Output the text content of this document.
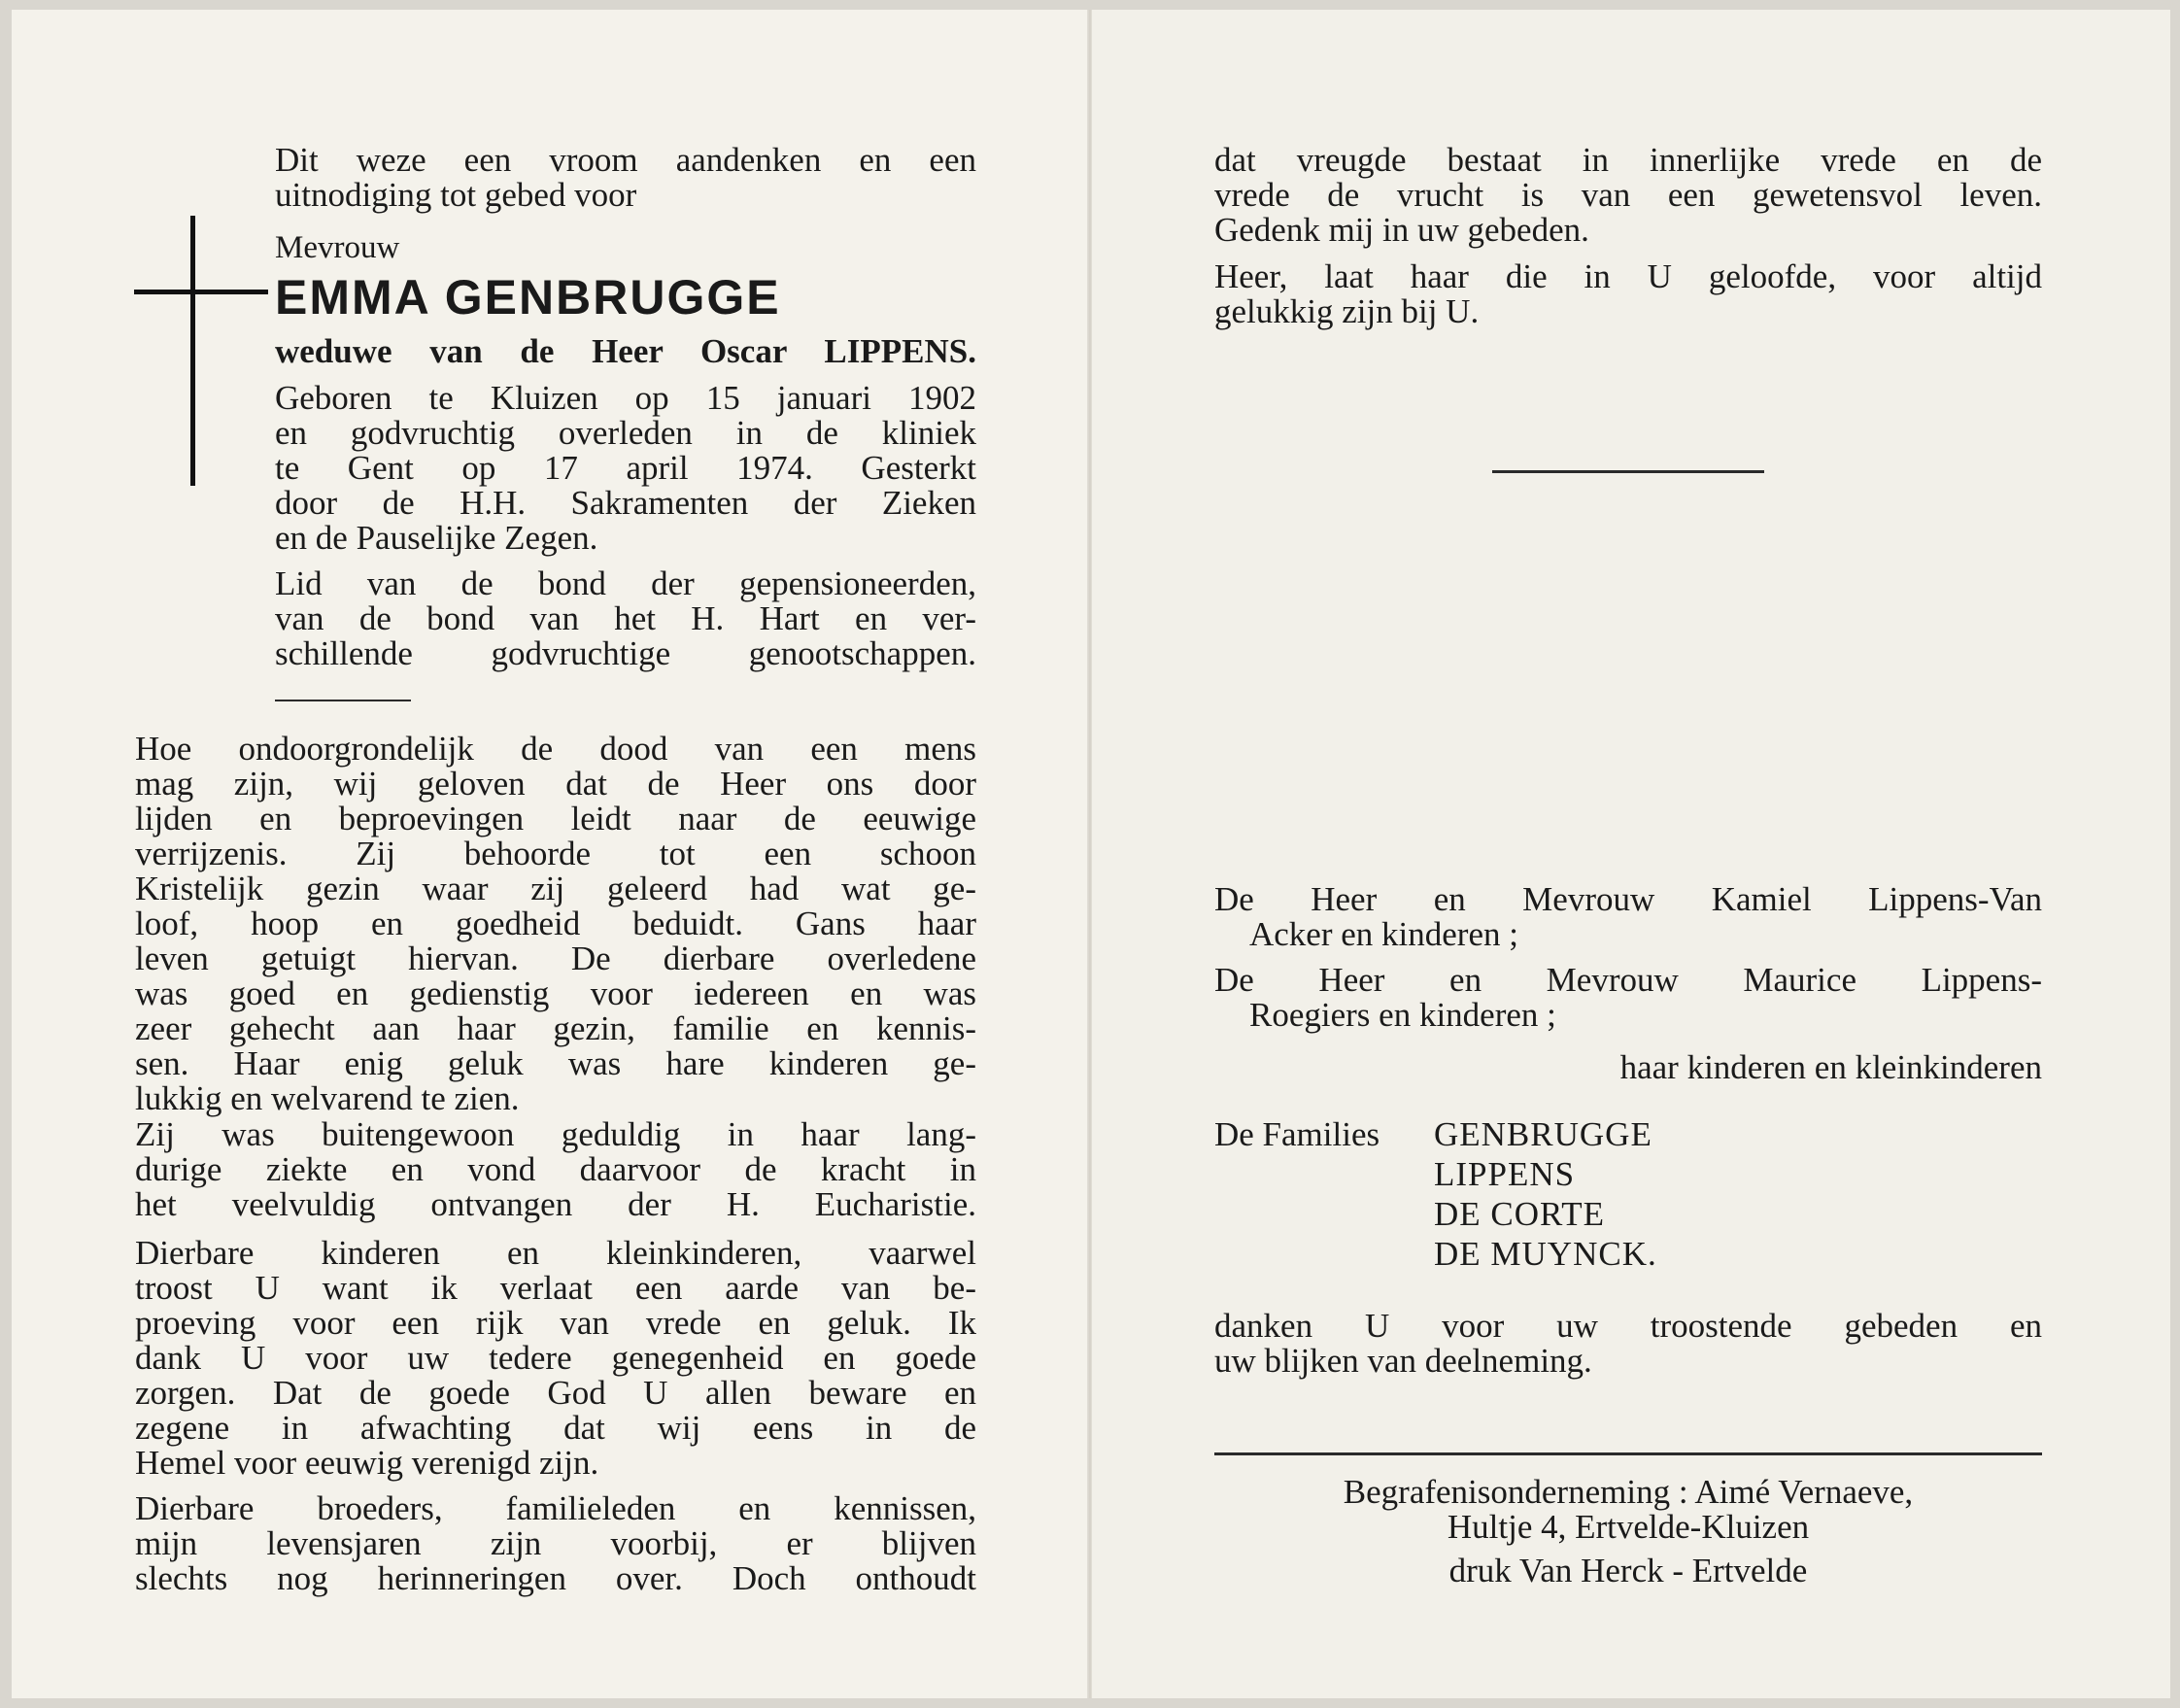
Dit weze een vroom aandenken en een
uitnodiging tot gebed voor

Mevrouw

EMMA GENBRUGGE

weduwe van de Heer Oscar LIPPENS.

Geboren te Kluizen op 15 januari 1902
en godvruchtig overleden in de kliniek
te Gent op 17 april 1974. Gesterkt
door de H.H. Sakramenten der Zieken
en de Pauselijke Zegen.

Lid van de bond der gepensioneerden,
van de bond van het H. Hart en ver-
schillende godvruchtige genootschappen.

Hoe ondoorgrondelijk de dood van een mens
mag zijn, wij geloven dat de Heer ons door
lijden en beproevingen leidt naar de eeuwige
verrijzenis. Zij behoorde tot een schoon
Kristelijk gezin waar zij geleerd had wat ge-
loof, hoop en goedheid beduidt. Gans haar
leven getuigt hiervan. De dierbare overledene
was goed en gedienstig voor iedereen en was
zeer gehecht aan haar gezin, familie en kennis-
sen. Haar enig geluk was hare kinderen ge-
lukkig en welvarend te zien.

Zij was buitengewoon geduldig in haar lang-
durige ziekte en vond daarvoor de kracht in
het veelvuldig ontvangen der H. Eucharistie.

Dierbare kinderen en kleinkinderen, vaarwel
troost U want ik verlaat een aarde van be-
proeving voor een rijk van vrede en geluk. Ik
dank U voor uw tedere genegenheid en goede
zorgen. Dat de goede God U allen beware en
zegene in afwachting dat wij eens in de
Hemel voor eeuwig verenigd zijn.

Dierbare broeders, familieleden en kennissen,
mijn levensjaren zijn voorbij, er blijven
slechts nog herinneringen over. Doch onthoudt

dat vreugde bestaat in innerlijke vrede en de
vrede de vrucht is van een gewetensvol leven.
Gedenk mij in uw gebeden.

Heer, laat haar die in U geloofde, voor altijd
gelukkig zijn bij U.

De Heer en Mevrouw Kamiel Lippens-Van
Acker en kinderen ;

De Heer en Mevrouw Maurice Lippens-
Roegiers en kinderen ;

haar kinderen en kleinkinderen

De Families GENBRUGGE
LIPPENS
DE CORTE
DE MUYNCK.

danken U voor uw troostende gebeden en
uw blijken van deelneming.

Begrafenisonderneming : Aimé Vernaeve,
Hultje 4, Ertvelde-Kluizen

druk Van Herck - Ertvelde
